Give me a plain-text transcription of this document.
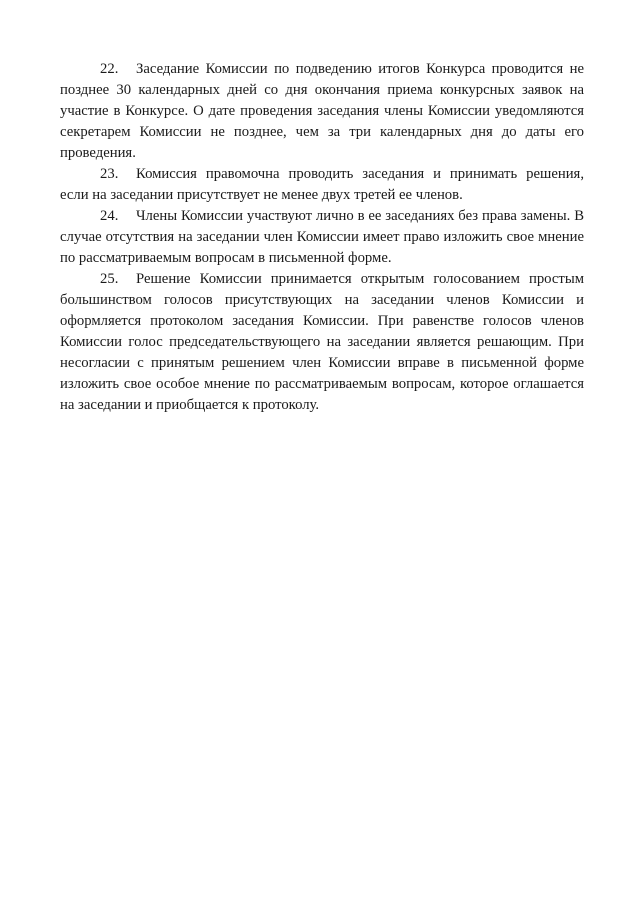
22. Заседание Комиссии по подведению итогов Конкурса проводится не позднее 30 календарных дней со дня окончания приема конкурсных заявок на участие в Конкурсе. О дате проведения заседания члены Комиссии уведомляются секретарем Комиссии не позднее, чем за три календарных дня до даты его проведения.

23. Комиссия правомочна проводить заседания и принимать решения, если на заседании присутствует не менее двух третей ее членов.

24. Члены Комиссии участвуют лично в ее заседаниях без права замены. В случае отсутствия на заседании член Комиссии имеет право изложить свое мнение по рассматриваемым вопросам в письменной форме.

25. Решение Комиссии принимается открытым голосованием простым большинством голосов присутствующих на заседании членов Комиссии и оформляется протоколом заседания Комиссии. При равенстве голосов членов Комиссии голос председательствующего на заседании является решающим. При несогласии с принятым решением член Комиссии вправе в письменной форме изложить свое особое мнение по рассматриваемым вопросам, которое оглашается на заседании и приобщается к протоколу.
